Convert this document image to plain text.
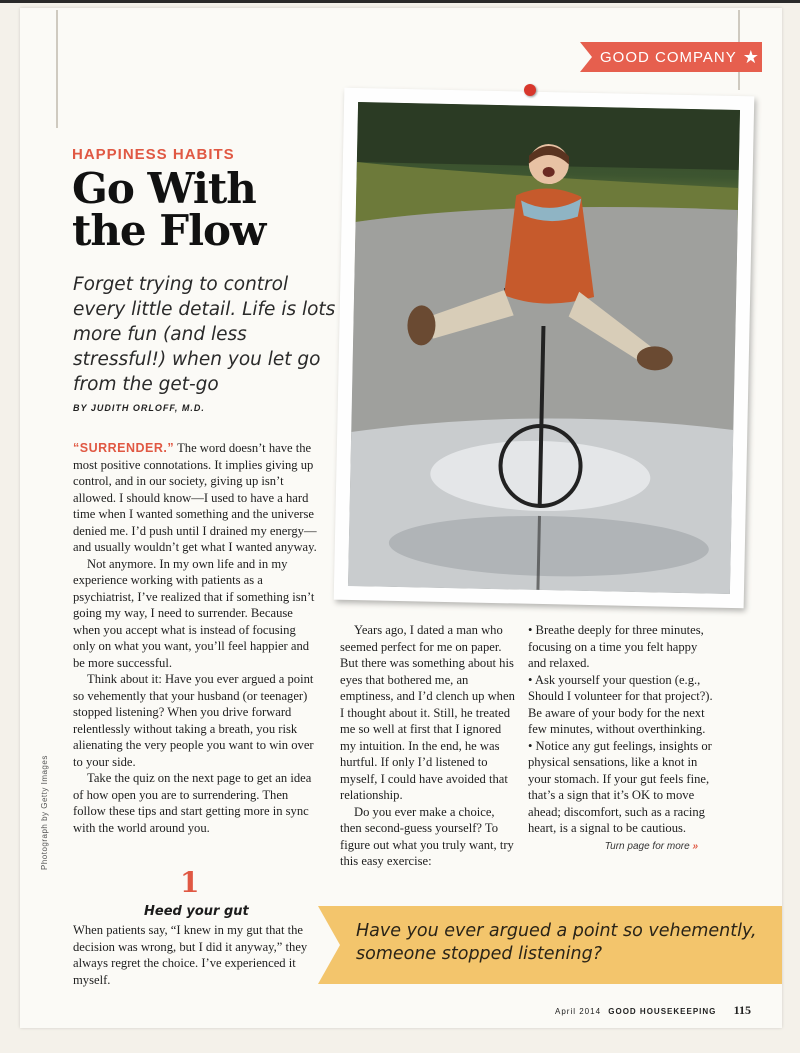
GOOD COMPANY ★
HAPPINESS HABITS
Go With
the Flow
Forget trying to control every little detail. Life is lots more fun (and less stressful!) when you let go from the get-go
BY JUDITH ORLOFF, M.D.

“SURRENDER.” The word doesn’t have the most positive connotations. It implies giving up control, and in our society, giving up isn’t allowed. I should know—I used to have a hard time when I wanted something and the universe denied me. I’d push until I drained my energy—and usually wouldn’t get what I wanted anyway.

Not anymore. In my own life and in my experience working with patients as a psychiatrist, I’ve realized that if something isn’t going my way, I need to surrender. Because when you accept what is instead of focusing only on what you want, you’ll feel happier and be more successful.

Think about it: Have you ever argued a point so vehemently that your husband (or teenager) stopped listening? When you drive forward relentlessly without taking a breath, you risk alienating the very people you want to win over to your side.

Take the quiz on the next page to get an idea of how open you are to surrendering. Then follow these tips and start getting more in sync with the world around you.

1
Heed your gut

When patients say, “I knew in my gut that the decision was wrong, but I did it anyway,” they always regret the choice. I’ve experienced it myself.

Photograph by Getty Images

Years ago, I dated a man who seemed perfect for me on paper. But there was something about his eyes that bothered me, an emptiness, and I’d clench up when I thought about it. Still, he treated me so well at first that I ignored my intuition. In the end, he was hurtful. If only I’d listened to myself, I could have avoided that relationship.

Do you ever make a choice, then second-guess yourself? To figure out what you truly want, try this easy exercise:

• Breathe deeply for three minutes, focusing on a time you felt happy and relaxed.

• Ask yourself your question (e.g., Should I volunteer for that project?). Be aware of your body for the next few minutes, without overthinking.

• Notice any gut feelings, insights or physical sensations, like a knot in your stomach. If your gut feels fine, that’s a sign that it’s OK to move ahead; discomfort, such as a racing heart, is a signal to be cautious.

Turn page for more »
Have you ever argued a point so vehemently, someone stopped listening?
April 2014 GOOD HOUSEKEEPING 115
